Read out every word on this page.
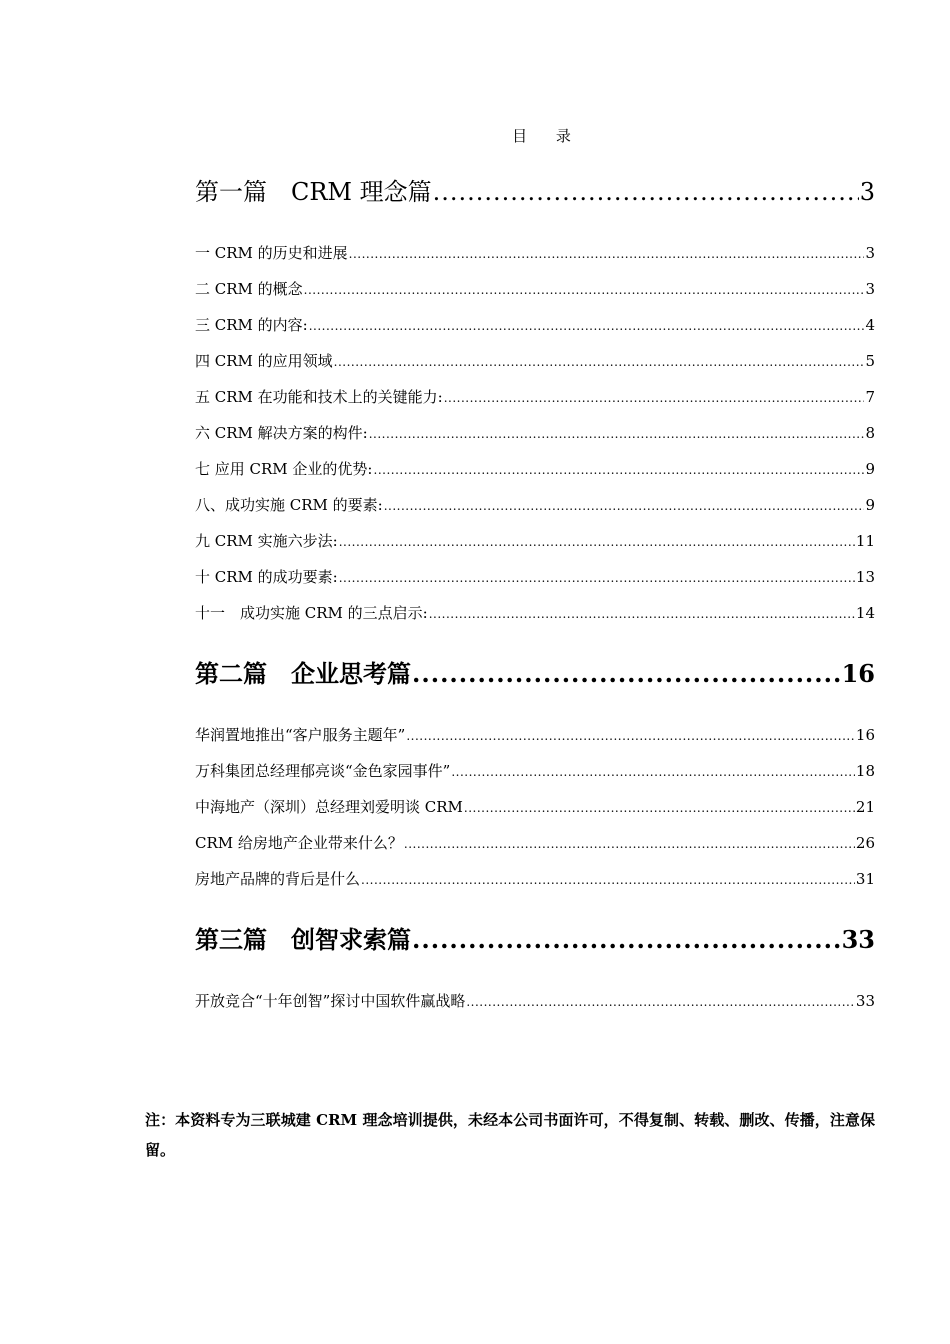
目 录
第一篇　CRM 理念篇 .....	3
一 CRM 的历史和进展 .....	3
二 CRM 的概念 .....	3
三 CRM 的内容: .....	4
四 CRM 的应用领域 .....	5
五 CRM 在功能和技术上的关键能力: .....	7
六 CRM 解决方案的构件: .....	8
七 应用 CRM 企业的优势: .....	9
八、成功实施 CRM 的要素: .....	9
九 CRM 实施六步法: .....	11
十 CRM 的成功要素: .....	13
十一　成功实施 CRM 的三点启示: .....	14
第二篇　企业思考篇 .....	16
华润置地推出“客户服务主题年” .....	16
万科集团总经理郁亮谈“金色家园事件” .....	18
中海地产（深圳）总经理刘爱明谈 CRM .....	21
CRM 给房地产企业带来什么？ .....	26
房地产品牌的背后是什么 .....	31
第三篇　创智求索篇 .....	33
开放竞合“十年创智”探讨中国软件赢战略 .....	33
注：本资料专为三联城建 CRM 理念培训提供，未经本公司书面许可，不得复制、转载、删改、传播，注意保留。
